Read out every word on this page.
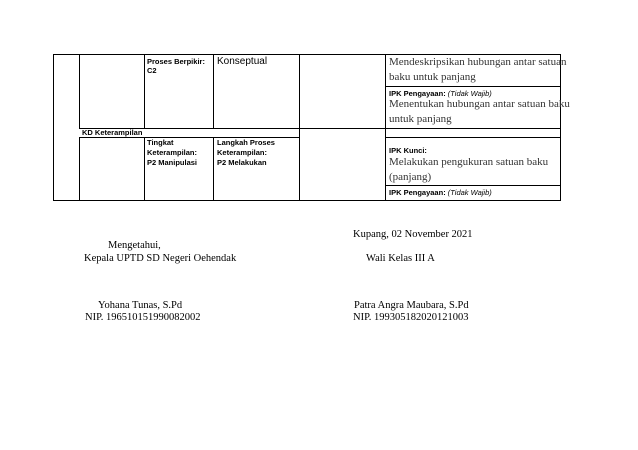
Proses Berpikir:
C2
Konseptual	Mendeskripsikan hubungan antar satuan
baku untuk panjang
IPK Pengayaan: (Tidak Wajib)
Menentukan hubungan antar satuan baku
untuk panjang
KD Keterampilan
Tingkat
Keterampilan:
P2 Manipulasi
Langkah Proses
Keterampilan:
P2 Melakukan
IPK Kunci:
Melakukan pengukuran satuan baku
(panjang)
IPK Pengayaan: (Tidak Wajib)
Kupang, 02 November 2021
Mengetahui,
Kepala UPTD SD Negeri Oehendak	Wali Kelas III A
Yohana Tunas, S.Pd
NIP. 196510151990082002
Patra Angra Maubara, S.Pd
NIP. 199305182020121003
